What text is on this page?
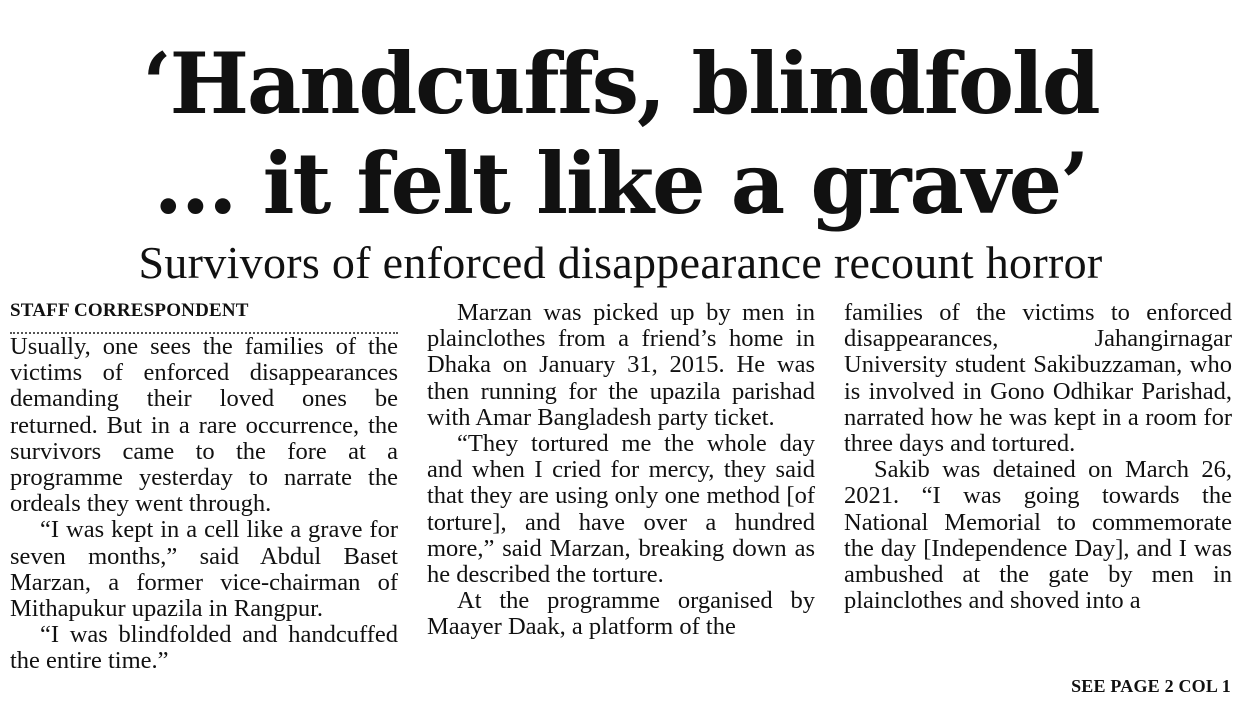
‘Handcuffs, blindfold
... it felt like a grave’
Survivors of enforced disappearance recount horror

STAFF CORRESPONDENT

Usually, one sees the families of the victims of enforced disappearances demanding their loved ones be returned. But in a rare occurrence, the survivors came to the fore at a programme yesterday to narrate the ordeals they went through.

“I was kept in a cell like a grave for seven months,” said Abdul Baset Marzan, a former vice-chairman of Mithapukur upazila in Rangpur.

“I was blindfolded and handcuffed the entire time.”

Marzan was picked up by men in plainclothes from a friend’s home in Dhaka on January 31, 2015. He was then running for the upazila parishad with Amar Bangladesh party ticket.

“They tortured me the whole day and when I cried for mercy, they said that they are using only one method [of torture], and have over a hundred more,” said Marzan, breaking down as he described the torture.

At the programme organised by Maayer Daak, a platform of the

families of the victims to enforced disappearances, Jahangirnagar University student Sakibuzzaman, who is involved in Gono Odhikar Parishad, narrated how he was kept in a room for three days and tortured.

Sakib was detained on March 26, 2021. “I was going towards the National Memorial to commemorate the day [Independence Day], and I was ambushed at the gate by men in plainclothes and shoved into a

SEE PAGE 2 COL 1
